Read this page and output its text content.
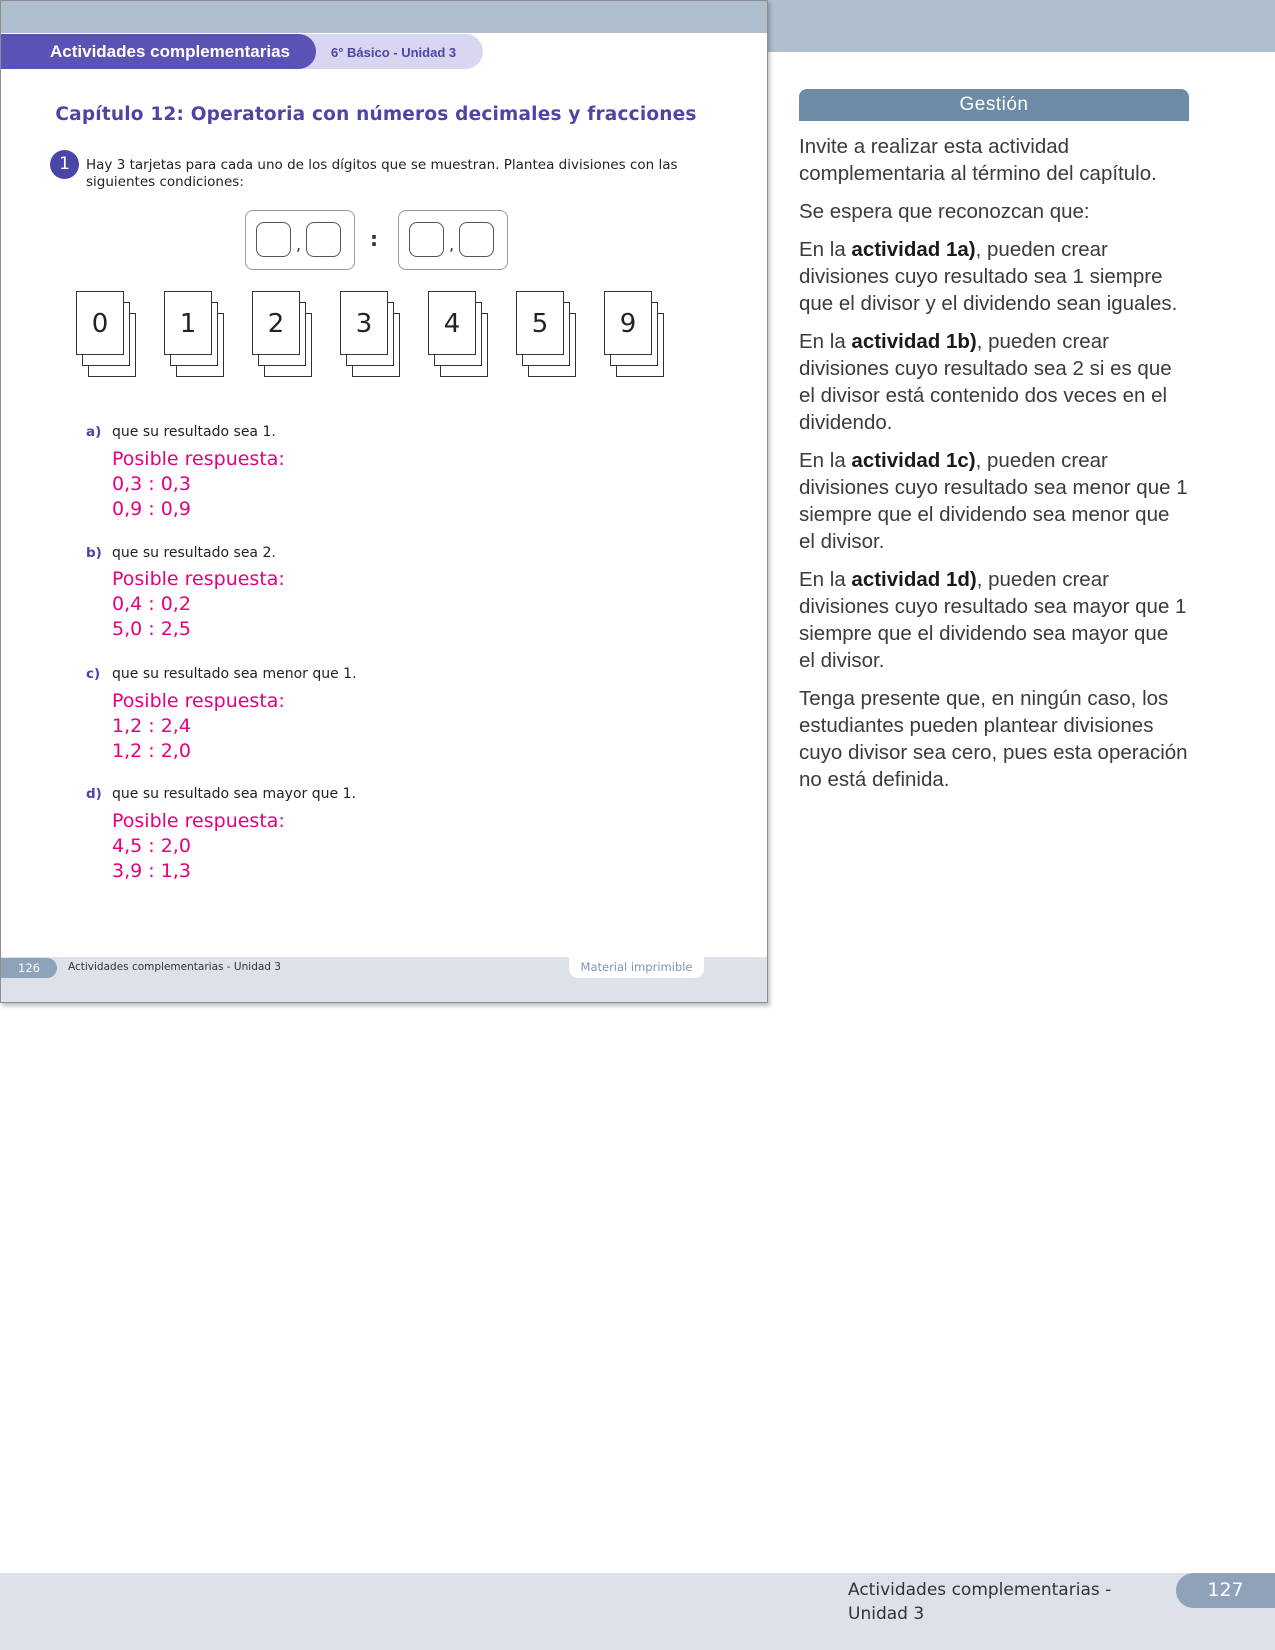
Actividades complementarias	6° Básico - Unidad 3
Capítulo 12: Operatoria con números decimales y fracciones
1	Hay 3 tarjetas para cada uno de los dígitos que se muestran. Plantea divisiones con las siguientes condiciones:
,	:	,
0	1	2	3	4	5	9
a) que su resultado sea 1.
Posible respuesta:
0,3 : 0,3
0,9 : 0,9
b) que su resultado sea 2.
Posible respuesta:
0,4 : 0,2
5,0 : 2,5
c) que su resultado sea menor que 1.
Posible respuesta:
1,2 : 2,4
1,2 : 2,0
d) que su resultado sea mayor que 1.
Posible respuesta:
4,5 : 2,0
3,9 : 1,3
126	Actividades complementarias - Unidad 3	Material imprimible
Gestión

Invite a realizar esta actividad complementaria al término del capítulo.

Se espera que reconozcan que:

En la actividad 1a), pueden crear divisiones cuyo resultado sea 1 siempre que el divisor y el dividendo sean iguales.

En la actividad 1b), pueden crear divisiones cuyo resultado sea 2 si es que el divisor está contenido dos veces en el dividendo.

En la actividad 1c), pueden crear divisiones cuyo resultado sea menor que 1 siempre que el dividendo sea menor que el divisor.

En la actividad 1d), pueden crear divisiones cuyo resultado sea mayor que 1 siempre que el dividendo sea mayor que el divisor.

Tenga presente que, en ningún caso, los estudiantes pueden plantear divisiones cuyo divisor sea cero, pues esta operación no está definida.

Actividades complementarias - Unidad 3
127
